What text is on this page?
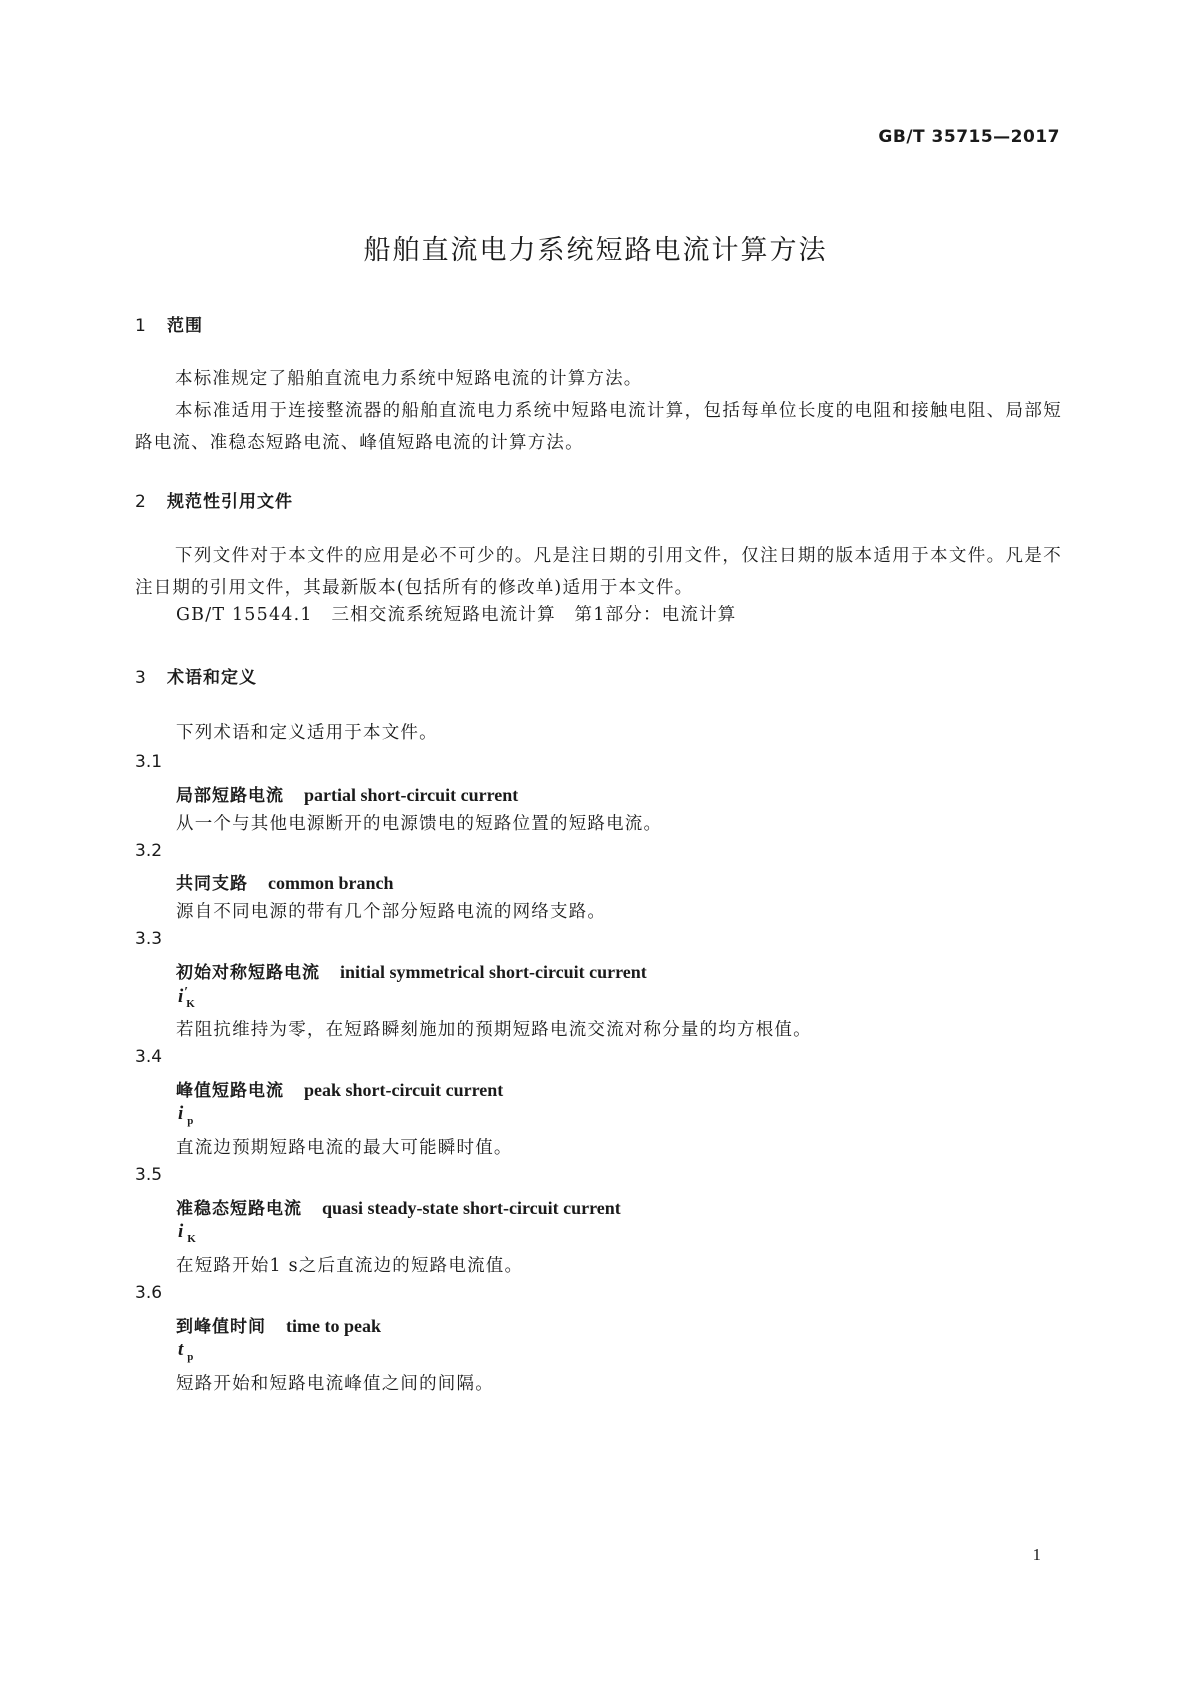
GB/T 35715—2017
船舶直流电力系统短路电流计算方法
1 范围

本标准规定了船舶直流电力系统中短路电流的计算方法。

本标准适用于连接整流器的船舶直流电力系统中短路电流计算，包括每单位长度的电阻和接触电阻、局部短路电流、准稳态短路电流、峰值短路电流的计算方法。

2 规范性引用文件

下列文件对于本文件的应用是必不可少的。凡是注日期的引用文件，仅注日期的版本适用于本文件。凡是不注日期的引用文件，其最新版本(包括所有的修改单)适用于本文件。

GB/T 15544.1　三相交流系统短路电流计算　第1部分：电流计算
3 术语和定义
下列术语和定义适用于本文件。
3.1
局部短路电流 partial short-circuit current
从一个与其他电源断开的电源馈电的短路位置的短路电流。
3.2
共同支路 common branch
源自不同电源的带有几个部分短路电流的网络支路。
3.3
初始对称短路电流 initial symmetrical short-circuit current
$i'_K$
若阻抗维持为零，在短路瞬刻施加的预期短路电流交流对称分量的均方根值。
3.4
峰值短路电流 peak short-circuit current
i $_p$
直流边预期短路电流的最大可能瞬时值。
3.5
准稳态短路电流 quasi steady-state short-circuit current
i $_K$
在短路开始1 s之后直流边的短路电流值。
3.6
到峰值时间 time to peak
t $_p$
短路开始和短路电流峰值之间的间隔。
1
